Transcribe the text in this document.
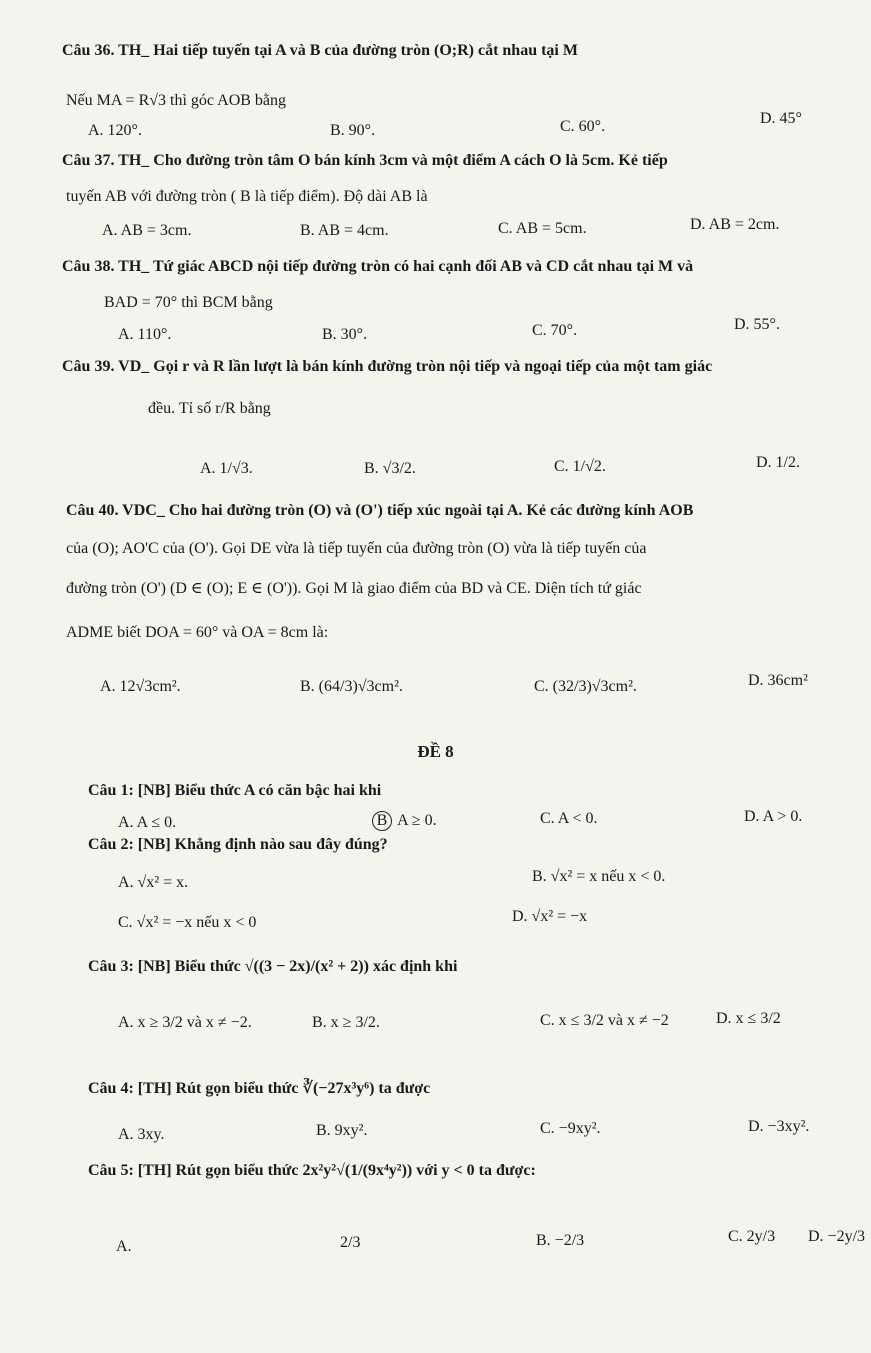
Câu 36. TH_ Hai tiếp tuyến tại A và B của đường tròn (O;R) cắt nhau tại M
Nếu MA = R√3 thì góc AOB bằng
A. 120°.	B. 90°.	C. 60°.	D. 45°
Câu 37. TH_ Cho đường tròn tâm O bán kính 3cm và một điểm A cách O là 5cm. Kẻ tiếp
tuyến AB với đường tròn ( B là tiếp điểm). Độ dài AB là
A. AB = 3cm.	B. AB = 4cm.	C. AB = 5cm.	D. AB = 2cm.
Câu 38. TH_ Tứ giác ABCD nội tiếp đường tròn có hai cạnh đối AB và CD cắt nhau tại M và
BAD = 70° thì BCM bằng
A. 110°.	B. 30°.	C. 70°.	D. 55°.
Câu 39. VD_ Gọi r và R lần lượt là bán kính đường tròn nội tiếp và ngoại tiếp của một tam giác
đều. Tỉ số r/R bằng
A. 1/√3.	B. √3/2.	C. 1/√2.	D. 1/2.
Câu 40. VDC_ Cho hai đường tròn (O) và (O') tiếp xúc ngoài tại A. Kẻ các đường kính AOB
của (O); AO'C của (O'). Gọi DE vừa là tiếp tuyến của đường tròn (O) vừa là tiếp tuyến của
đường tròn (O') (D ∈ (O); E ∈ (O')). Gọi M là giao điểm của BD và CE. Diện tích tứ giác
ADME biết DOA = 60° và OA = 8cm là:
A. 12√3cm².	B. (64/3)√3cm².	C. (32/3)√3cm².	D. 36cm²
ĐỀ 8
Câu 1: [NB] Biểu thức A có căn bậc hai khi
A. A ≤ 0.	B A ≥ 0.	C. A < 0.	D. A > 0.
Câu 2: [NB] Khẳng định nào sau đây đúng?
A. √x² = x.	B. √x² = x nếu x < 0.
C. √x² = −x nếu x < 0	D. √x² = −x
Câu 3: [NB] Biểu thức √((3 − 2x)/(x² + 2)) xác định khi
A. x ≥ 3/2 và x ≠ −2.	B. x ≥ 3/2.	C. x ≤ 3/2 và x ≠ −2	D. x ≤ 3/2
Câu 4: [TH] Rút gọn biểu thức ∛(−27x³y⁶) ta được
A. 3xy.	B. 9xy².	C. −9xy².	D. −3xy².
Câu 5: [TH] Rút gọn biểu thức 2x²y²√(1/(9x⁴y²)) với y < 0 ta được:
A.	2/3	B. −2/3	C. 2y/3 D. −2y/3
